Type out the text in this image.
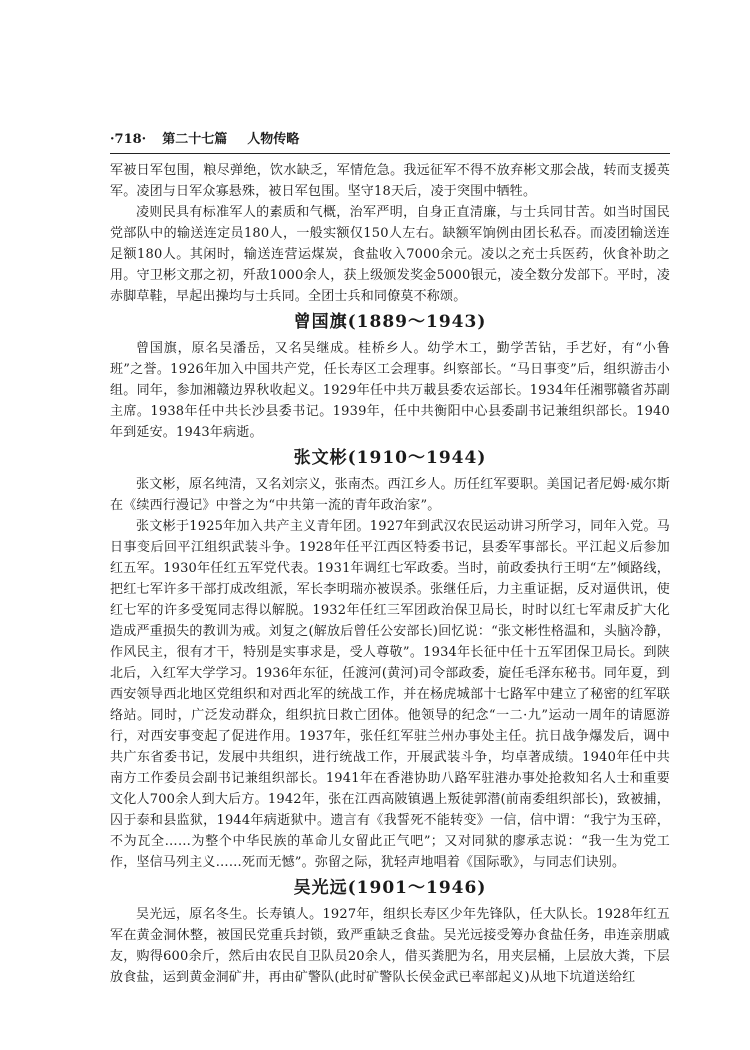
·718· 第二十七篇 人物传略

军被日军包围，粮尽弹绝，饮水缺乏，军情危急。我远征军不得不放弃彬文那会战，转而支援英军。凌团与日军众寡悬殊，被日军包围。坚守18天后，凌于突围中牺牲。

凌则民具有标准军人的素质和气概，治军严明，自身正直清廉，与士兵同甘苦。如当时国民党部队中的输送连定员180人，一般实额仅150人左右。缺额军饷例由团长私吞。而凌团输送连足额180人。其闲时，输送连营运煤炭，食盐收入7000余元。凌以之充士兵医药，伙食补助之用。守卫彬文那之初，歼敌1000余人，获上级颁发奖金5000银元，凌全数分发部下。平时，凌赤脚草鞋，早起出操均与士兵同。全团士兵和同僚莫不称颂。

曾国旗(1889～1943)

曾国旗，原名吴潘岳，又名吴继成。桂桥乡人。幼学木工，勤学苦钻，手艺好，有“小鲁班”之誉。1926年加入中国共产党，任长寿区工会理事。纠察部长。“马日事变”后，组织游击小组。同年，参加湘赣边界秋收起义。1929年任中共万載县委农运部长。1934年任湘鄂赣省苏副主席。1938年任中共长沙县委书记。1939年，任中共衡阳中心县委副书记兼组织部长。1940年到延安。1943年病逝。

张文彬(1910～1944)

张文彬，原名纯清，又名刘宗义，张南杰。西江乡人。历任红军要职。美国记者尼姆·威尔斯在《续西行漫记》中誉之为“中共第一流的青年政治家”。

张文彬于1925年加入共产主义青年团。1927年到武汉农民运动讲习所学习，同年入党。马日事变后回平江组织武装斗争。1928年任平江西区特委书记，县委军事部长。平江起义后参加红五军。1930年任红五军党代表。1931年调红七军政委。当时，前政委执行王明“左”倾路线，把红七军许多干部打成改组派，军长李明瑞亦被误杀。张继任后，力主重证据，反对逼供讯，使红七军的许多受冤同志得以解脱。1932年任红三军团政治保卫局长，时时以红七军肃反扩大化造成严重损失的教训为戒。刘复之(解放后曾任公安部长)回忆说：“张文彬性格温和，头脑冷静，作风民主，很有才干，特别是实事求是，受人尊敬”。1934年长征中任十五军团保卫局长。到陕北后，入红军大学学习。1936年东征，任渡河(黄河)司令部政委，旋任毛泽东秘书。同年夏，到西安领导西北地区党组织和对西北军的统战工作，并在杨虎城部十七路军中建立了秘密的红军联络站。同时，广泛发动群众，组织抗日救亡团体。他领导的纪念“一二·九”运动一周年的请愿游行，对西安事变起了促进作用。1937年，张任红军驻兰州办事处主任。抗日战争爆发后，调中共广东省委书记，发展中共组织，进行统战工作，开展武装斗争，均卓著成绩。1940年任中共南方工作委员会副书记兼组织部长。1941年在香港协助八路军驻港办事处抢救知名人士和重要文化人700余人到大后方。1942年，张在江西高陂镇遇上叛徒郭潜(前南委组织部长)，致被捕，囚于泰和县监狱，1944年病逝狱中。遗言有《我誓死不能转变》一信，信中谓：“我宁为玉碎，不为瓦全……为整个中华民族的革命儿女留此正气吧”；又对同狱的廖承志说：“我一生为党工作，坚信马列主义……死而无憾”。弥留之际，犹轻声地唱着《国际歌》，与同志们诀别。

吴光远(1901～1946)

吴光远，原名冬生。长寿镇人。1927年，组织长寿区少年先锋队，任大队长。1928年红五军在黄金洞休整，被国民党重兵封锁，致严重缺乏食盐。吴光远接受筹办食盐任务，串连亲朋戚友，购得600余斤，然后由农民自卫队员20余人，借买粪肥为名，用夹层桶，上层放大粪，下层放食盐，运到黄金洞矿井，再由矿警队(此时矿警队长侯金武已率部起义)从地下坑道送给红
